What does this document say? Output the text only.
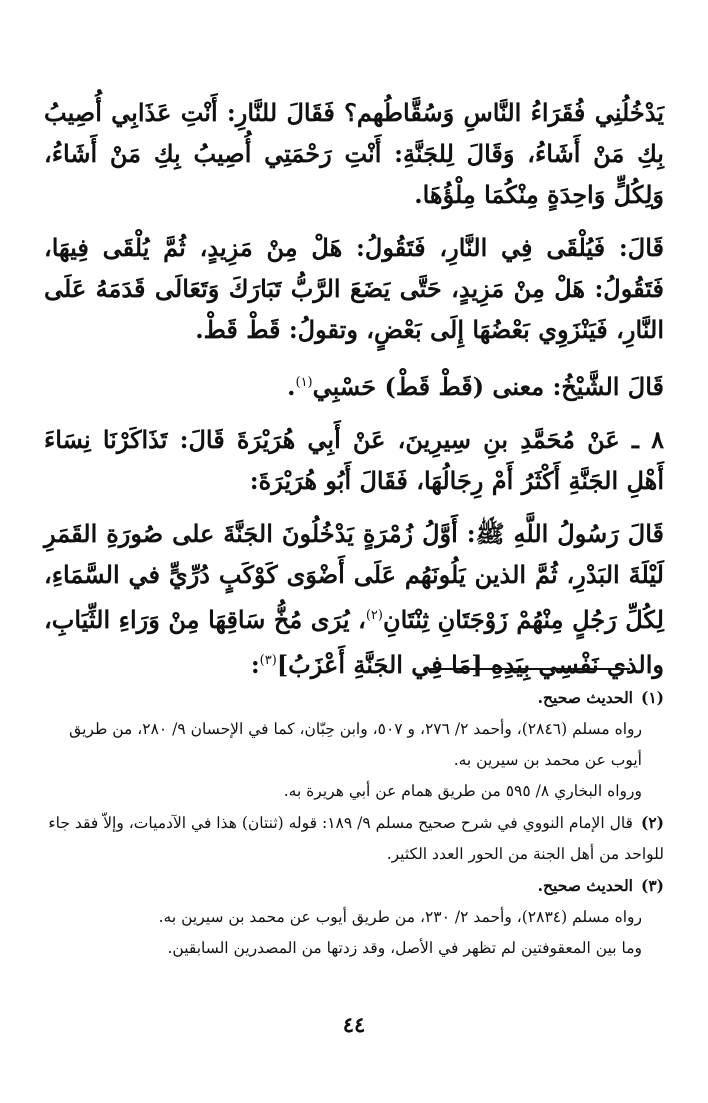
يَدْخُلُنِي فُقَرَاءُ النَّاسِ وَسُقَّاطُهم؟ فَقَالَ للنَّارِ: أَنْتِ عَذَابِي أُصِيبُ بِكِ مَنْ أَشَاءُ، وَقَالَ لِلجَنَّةِ: أَنْتِ رَحْمَتِي أُصِيبُ بِكِ مَنْ أَشَاءُ، وَلِكُلٍّ وَاحِدَةٍ مِنْكُمَا مِلْؤُهَا.

قَالَ: فَيُلْقَى فِي النَّارِ، فَتَقُولُ: هَلْ مِنْ مَزِيدٍ، ثُمَّ يُلْقَى فِيهَا، فَتَقُولُ: هَلْ مِنْ مَزِيدٍ، حَتَّى يَضَعَ الرَّبُّ تَبَارَكَ وَتَعَالَى قَدَمَهُ عَلَى النَّارِ، فَيَنْزَوِي بَعْضُهَا إِلَى بَعْضٍ، وتقولُ: قَطْ قَطْ.

قَالَ الشَّيْخُ: معنى (قَطْ قَطْ) حَسْبِي$^{(١)}$.

٨ ـ عَنْ مُحَمَّدِ بنِ سِيرِينَ، عَنْ أَبِي هُرَيْرَةَ قَالَ: تَذَاكَرْنَا نِسَاءَ أَهْلِ الجَنَّةِ أَكْثَرُ أَمْ رِجَالُهَا، فَقَالَ أَبُو هُرَيْرَةَ:

قَالَ رَسُولُ اللَّهِ ﷺ: أَوَّلُ زُمْرَةٍ يَدْخُلُونَ الجَنَّةَ على صُورَةِ القَمَرِ لَيْلَةَ البَدْرِ، ثُمَّ الذين يَلُونَهُم عَلَى أَضْوَى كَوْكَبٍ دُرِّيٍّ في السَّمَاءِ، لِكُلِّ رَجُلٍ مِنْهُمْ زَوْجَتَانِ ثِنْتَانِ$^{(٢)}$، يُرَى مُخُّ سَاقِهَا مِنْ وَرَاءِ الثِّيَابِ، والذي نَفْسِي بِيَدِهِ [مَا فِي الجَنَّةِ أَعْزَبُ]$^{(٣)}$:

(١)الحديث صحيح.

رواه مسلم (٢٨٤٦)، وأحمد ٢/ ٢٧٦، و ٥٠٧، وابن حِبّان، كما في الإحسان ٩/ ٢٨٠، من طريق أيوب عن محمد بن سيرين به.

ورواه البخاري ٨/ ٥٩٥ من طريق همام عن أبي هريرة به.

(٢)قال الإمام النووي في شرح صحيح مسلم ٩/ ١٨٩: قوله (ثنتان) هذا في الآدميات، وإلاّ فقد جاء للواحد من أهل الجنة من الحور العدد الكثير.

(٣)الحديث صحيح.

رواه مسلم (٢٨٣٤)، وأحمد ٢/ ٢٣٠، من طريق أيوب عن محمد بن سيرين به.

وما بين المعقوفتين لم تظهر في الأصل، وقد زدتها من المصدرين السابقين.

٤٤
